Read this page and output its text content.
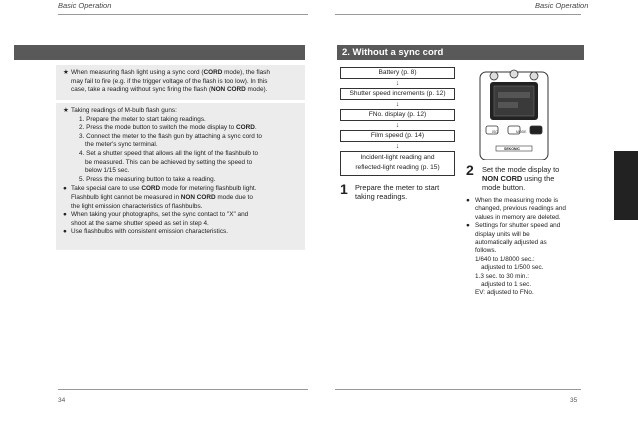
Basic Operation
★ When measuring flash light using a sync cord (CORD mode), the flash
may fail to fire (e.g. if the trigger voltage of the flash is too low). In this
case, take a reading without sync firing the flash (NON CORD mode).
★ Taking readings of M-bulb flash guns:
1. Prepare the meter to start taking readings.
2. Press the mode button to switch the mode display to CORD.
3. Connect the meter to the flash gun by attaching a sync cord to
the meter's sync terminal.
4. Set a shutter speed that allows all the light of the flashbulb to
be measured. This can be achieved by setting the speed to
below 1/15 sec.
5. Press the measuring button to take a reading.
● Take special care to use CORD mode for metering flashbulb light.
Flashbulb light cannot be measured in NON CORD mode due to
the light emission characteristics of flashbulbs.
● When taking your photographs, set the sync contact to "X" and
shoot at the same shutter speed as set in step 4.
● Use flashbulbs with consistent emission characteristics.
34
Basic Operation
2. Without a sync cord
Battery (p. 8)
↓
Shutter speed increments (p. 12)
↓
FNo. display (p. 12)
↓
Film speed (p. 14)
↓
Incident-light reading and
reflected-light reading (p. 15)
1 Prepare the meter to start
taking readings.
MODE
ISO
SEKONIC
2 Set the mode display to
NON CORD using the
mode button.
● When the measuring mode is
changed, previous readings and
values in memory are deleted.
● Settings for shutter speed and
display units will be
automatically adjusted as
follows.
1/640 to 1/8000 sec.:
adjusted to 1/500 sec.
1.3 sec. to 30 min.:
adjusted to 1 sec.
EV: adjusted to FNo.
35
